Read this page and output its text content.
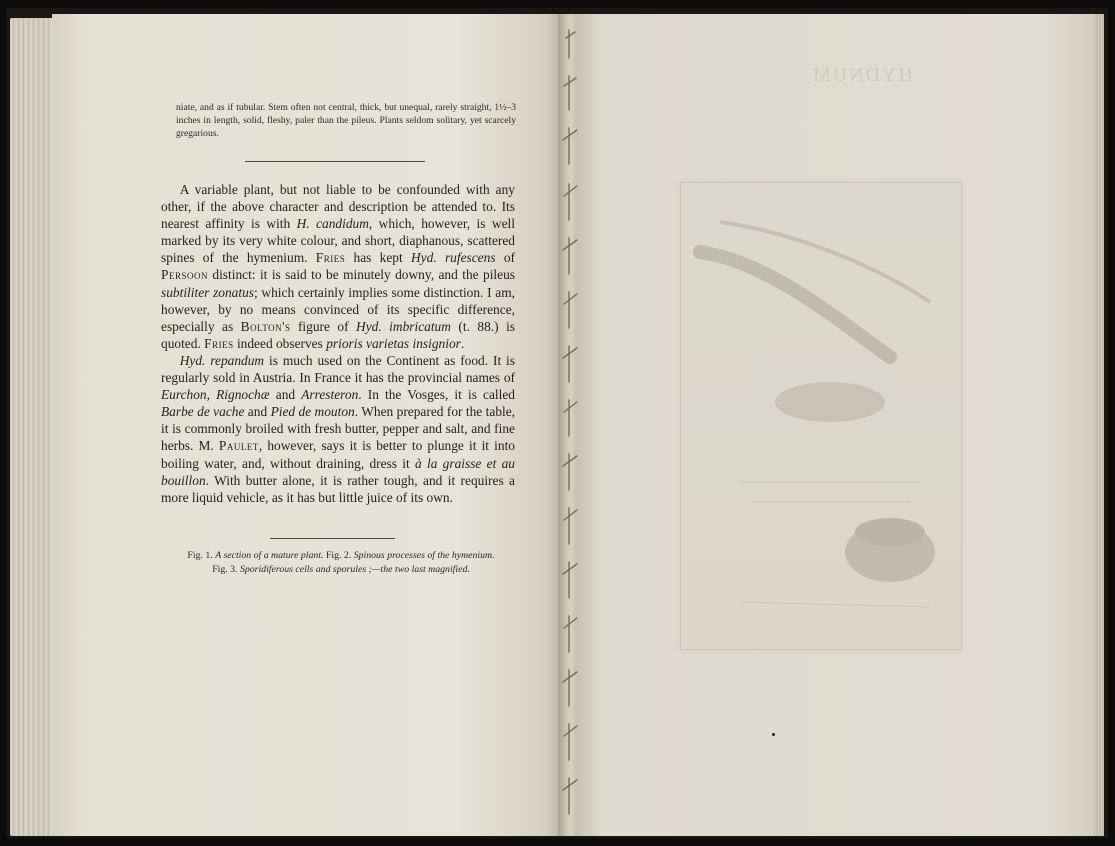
niate, and as if tubular. Stem often not central, thick, but unequal, rarely straight, 1½–3 inches in length, solid, fleshy, paler than the pileus. Plants seldom solitary, yet scarcely gregarious.

A variable plant, but not liable to be confounded with any other, if the above character and description be attended to. Its nearest affinity is with H. candidum, which, however, is well marked by its very white colour, and short, diaphanous, scattered spines of the hymenium. Fries has kept Hyd. rufescens of Persoon distinct: it is said to be minutely downy, and the pileus subtiliter zonatus; which certainly implies some distinction. I am, however, by no means convinced of its specific difference, especially as Bolton's figure of Hyd. imbricatum (t. 88.) is quoted. Fries indeed observes prioris varietas insignior.

Hyd. repandum is much used on the Continent as food. It is regularly sold in Austria. In France it has the provincial names of Eurchon, Rignochæ and Arresteron. In the Vosges, it is called Barbe de vache and Pied de mouton. When prepared for the table, it is commonly broiled with fresh butter, pepper and salt, and fine herbs. M. Paulet, however, says it is better to plunge it it into boiling water, and, without draining, dress it à la graisse et au bouillon. With butter alone, it is rather tough, and it requires a more liquid vehicle, as it has but little juice of its own.

Fig. 1. A section of a mature plant. Fig. 2. Spinous processes of the hymenium.

Fig. 3. Sporidiferous cells and sporules ;—the two last magnified.

HYDNUM
